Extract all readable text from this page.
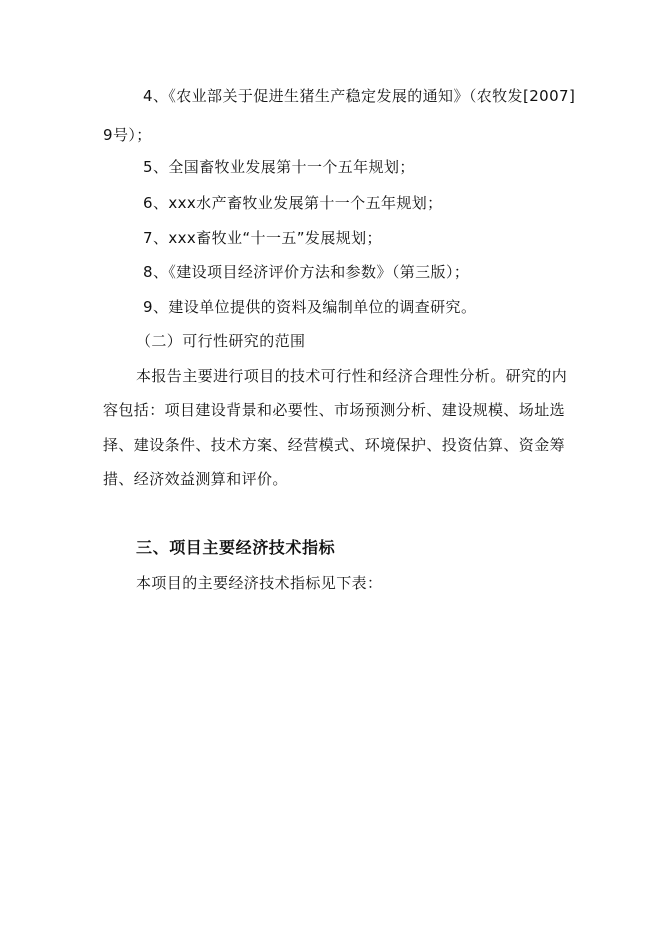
4、《农业部关于促进生猪生产稳定发展的通知》（农牧发[2007]
9号）；
5、全国畜牧业发展第十一个五年规划；
6、xxx水产畜牧业发展第十一个五年规划；
7、xxx畜牧业“十一五”发展规划；
8、《建设项目经济评价方法和参数》（第三版）；
9、建设单位提供的资料及编制单位的调查研究。
（二）可行性研究的范围
本报告主要进行项目的技术可行性和经济合理性分析。研究的内
容包括：项目建设背景和必要性、市场预测分析、建设规模、场址选
择、建设条件、技术方案、经营模式、环境保护、投资估算、资金筹
措、经济效益测算和评价。
三、项目主要经济技术指标
本项目的主要经济技术指标见下表：
